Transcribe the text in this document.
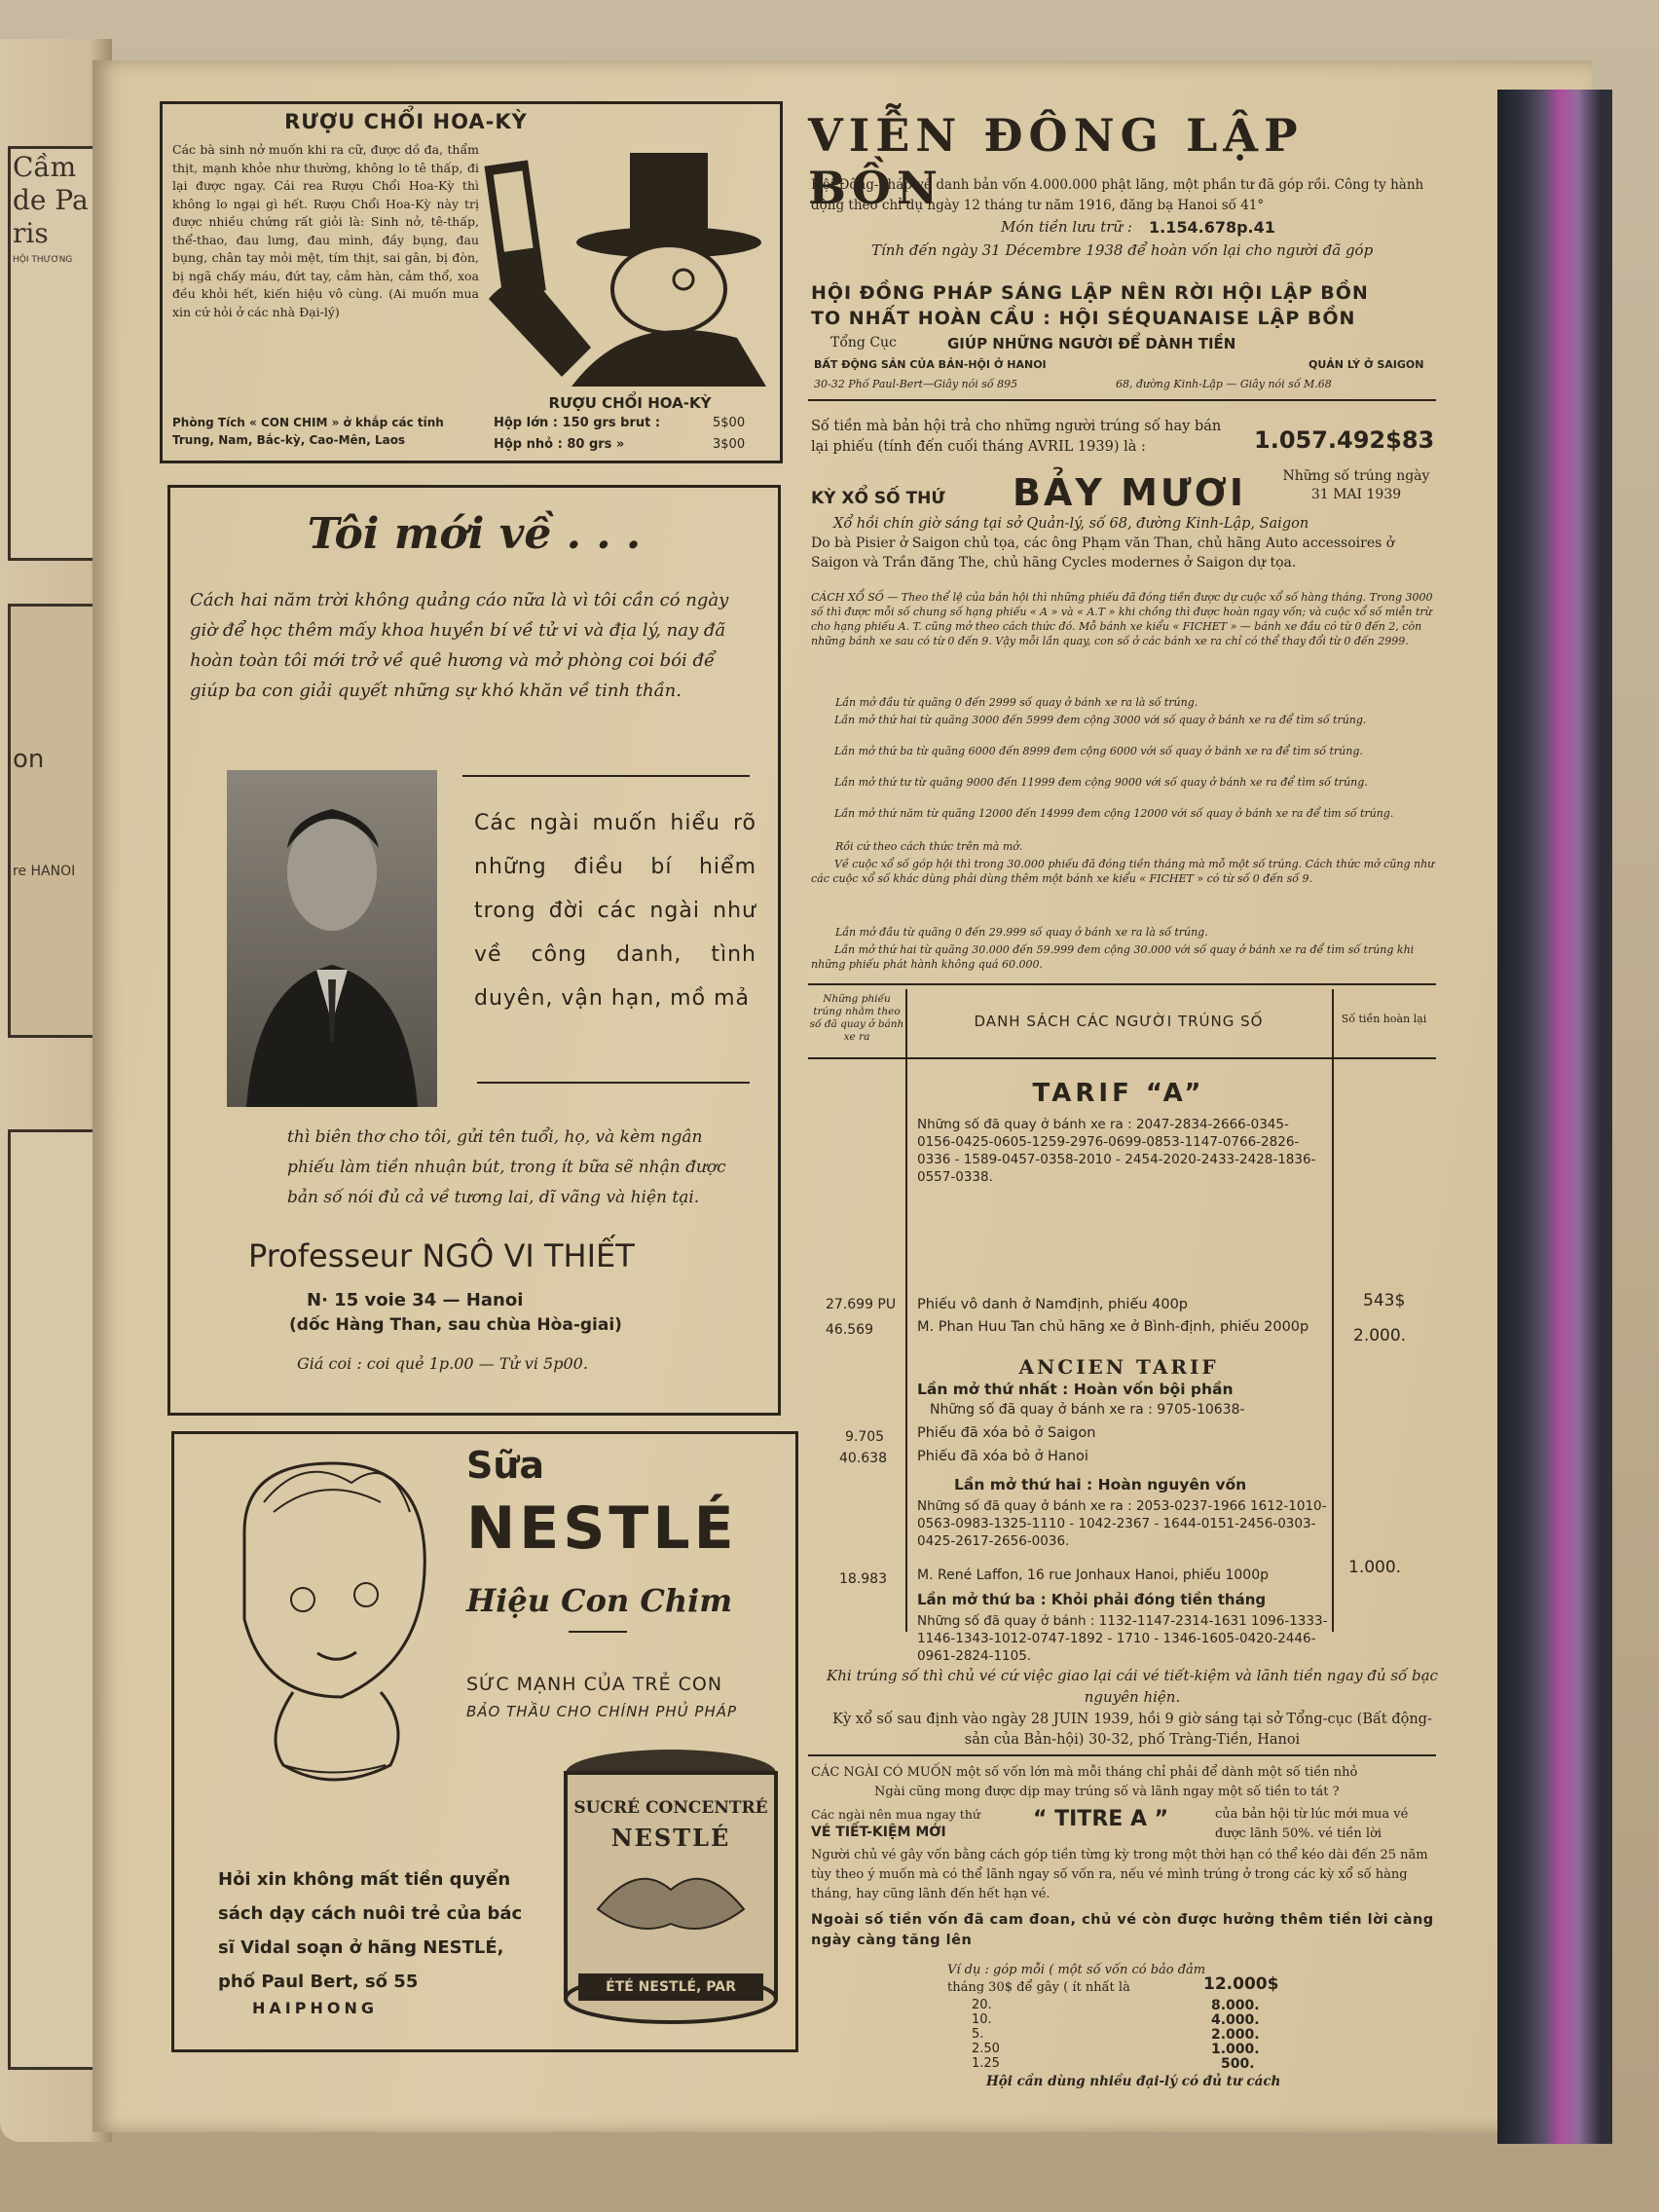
Cầm de Paris
HỘI THƯƠNG
on
re HANOI
RƯỢU CHỔI HOA-KỲ

Các bà sinh nở muốn khi ra cữ, được dồ đa, thẩm thịt, mạnh khỏe như thường, không lo tê thấp, đi lại được ngay. Cái rea Rượu Chổi Hoa-Kỳ thì không lo ngại gì hết. Rượu Chổi Hoa-Kỳ này trị được nhiều chứng rất giỏi là: Sinh nở, tê-thấp, thể-thao, đau lưng, đau mình, đầy bụng, đau bụng, chân tay mỏi mệt, tím thịt, sai gân, bị đòn, bị ngã chấy máu, đứt tay, cảm hàn, cảm thổ, xoa đều khỏi hết, kiến hiệu vô cùng. (Ai muốn mua xin cứ hỏi ở các nhà Đại-lý)

Phòng Tích « CON CHIM » ở khắp các tỉnh Trung, Nam, Bắc-kỳ, Cao-Mên, Laos

RƯỢU CHỔI HOA-KỲ
Hộp lớn : 150 grs brut :	5$00
Hộp nhỏ : 80 grs »	3$00
Tôi mới về . . .

Cách hai năm trời không quảng cáo nữa là vì tôi cần có ngày giờ để học thêm mấy khoa huyền bí về tử vi và địa lý, nay đã hoàn toàn tôi mới trở về quê hương và mở phòng coi bói để giúp ba con giải quyết những sự khó khăn về tinh thần.

Các ngài muốn hiểu rõ những điều bí hiểm trong đời các ngài như về công danh, tình duyên, vận hạn, mồ mả

thì biên thơ cho tôi, gửi tên tuổi, họ, và kèm ngân phiếu làm tiền nhuận bút, trong ít bữa sẽ nhận được bản số nói đủ cả về tương lai, dĩ vãng và hiện tại.

Professeur NGÔ VI THIẾT
N· 15 voie 34 — Hanoi
(dốc Hàng Than, sau chùa Hòa-giai)
Giá coi : coi quẻ 1p.00 — Tử vi 5p00.
Sữa
NESTLÉ
Hiệu Con Chim
SỨC MẠNH CỦA TRẺ CON
BẢO THẦU CHO CHÍNH PHỦ PHÁP

Hỏi xin không mất tiền quyển sách dạy cách nuôi trẻ của bác sĩ Vidal soạn ở hãng NESTLÉ, phố Paul Bert, số 55

HAIPHONG
SUCRÉ CONCENTRÉ
NESTLÉ
ÉTÉ NESTLÉ, PAR
VIỄN ĐÔNG LẬP BỒN

Hội Đông-Pháp về danh bản vốn 4.000.000 phật lăng, một phần tư đã góp rồi. Công ty hành động theo chỉ dụ ngày 12 tháng tư năm 1916, đăng bạ Hanoi số 41°

Món tiền lưu trữ : 1.154.678p.41
Tính đến ngày 31 Décembre 1938 để hoàn vốn lại cho người đã góp
HỘI ĐỒNG PHÁP SÁNG LẬP NÊN RỜI HỘI LẬP BỒN
TO NHẤT HOÀN CẦU : HỘI SÉQUANAISE LẬP BỒN
Tổng Cục	GIÚP NHỮNG NGƯỜI ĐỂ DÀNH TIỀN
BẤT ĐỘNG SẢN CỦA BẢN-HỘI Ở HANOI	QUẢN LÝ Ở SAIGON
30-32 Phố Paul-Bert—Giây nói số 895	68, đường Kinh-Lập — Giây nói số M.68

Số tiền mà bản hội trả cho những người trúng số hay bán lại phiếu (tính đến cuối tháng AVRIL 1939) là :	1.057.492$83
KỲ XỔ SỐ THỨ BẢY MƯƠI	Những số trúng ngày 31 MAI 1939

Xổ hồi chín giờ sáng tại sở Quản-lý, số 68, đường Kinh-Lập, Saigon

Do bà Pisier ở Saigon chủ tọa, các ông Phạm văn Than, chủ hãng Auto accessoires ở Saigon và Trần đăng The, chủ hãng Cycles modernes ở Saigon dự tọa.

CÁCH XỔ SỐ — Theo thể lệ của bản hội thì những phiếu đã đóng tiền được dự cuộc xổ số hàng tháng. Trong 3000 số thì được mỗi số chung số hạng phiếu « A » và « A.T » khi chồng thì được hoàn ngay vốn; và cuộc xổ số miễn trừ cho hạng phiếu A. T. cũng mở theo cách thức đó. Mỗ bánh xe kiểu « FICHET » — bánh xe đầu có từ 0 đến 2, còn những bánh xe sau có từ 0 đến 9. Vậy mỗi lần quay, con số ở các bánh xe ra chỉ có thể thay đổi từ 0 đến 2999.

Lần mở đầu từ quãng 0 đến 2999 số quay ở bánh xe ra là số trúng.

Lần mở thứ hai từ quãng 3000 đến 5999 đem cộng 3000 với số quay ở bánh xe ra để tìm số trúng.

Lần mở thứ ba từ quãng 6000 đến 8999 đem cộng 6000 với số quay ở bánh xe ra để tìm số trúng.

Lần mở thứ tư từ quãng 9000 đến 11999 đem cộng 9000 với số quay ở bánh xe ra để tìm số trúng.

Lần mở thứ năm từ quãng 12000 đến 14999 đem cộng 12000 với số quay ở bánh xe ra để tìm số trúng.

Rồi cứ theo cách thức trên mà mở.

Về cuộc xổ số góp hội thì trong 30.000 phiếu đã đóng tiền tháng mà mỗ một số trúng. Cách thức mở cũng như các cuộc xổ số khác dùng phải dùng thêm một bánh xe kiểu « FICHET » có từ số 0 đến số 9.

Lần mở đầu từ quãng 0 đến 29.999 số quay ở bánh xe ra là số trúng.

Lần mở thứ hai từ quãng 30.000 đến 59.999 đem cộng 30.000 với số quay ở bánh xe ra để tìm số trúng khi những phiếu phát hành không quá 60.000.

Những phiếu trúng nhằm theo số đã quay ở bánh xe ra

DANH SÁCH CÁC NGƯỜI TRÚNG SỐ	Số tiền hoàn lại
TARIF “A”

Những số đã quay ở bánh xe ra : 2047-2834-2666-0345-0156-0425-0605-1259-2976-0699-0853-1147-0766-2826-0336 - 1589-0457-0358-2010 - 2454-2020-2433-2428-1836-0557-0338.

27.699 PU Phiếu vô danh ở Namđịnh, phiếu 400p	543$
46.569	M. Phan Huu Tan chủ hãng xe ở Bình-định, phiếu 2000p	2.000.
ANCIEN TARIF
Lần mở thứ nhất : Hoàn vốn bội phần
Những số đã quay ở bánh xe ra : 9705-10638-
9.705 Phiếu đã xóa bỏ ở Saigon
40.638 Phiếu đã xóa bỏ ở Hanoi
Lần mở thứ hai : Hoàn nguyên vốn

Những số đã quay ở bánh xe ra : 2053-0237-1966 1612-1010-0563-0983-1325-1110 - 1042-2367 - 1644-0151-2456-0303-0425-2617-2656-0036.

18.983 M. René Laffon, 16 rue Jonhaux Hanoi, phiếu 1000p	1.000.
Lần mở thứ ba : Khỏi phải đóng tiền tháng

Những số đã quay ở bánh : 1132-1147-2314-1631 1096-1333-1146-1343-1012-0747-1892 - 1710 - 1346-1605-0420-2446-0961-2824-1105.

Khi trúng số thì chủ vé cứ việc giao lại cái vé tiết-kiệm và lãnh tiền ngay đủ số bạc nguyên hiện.

Kỳ xổ số sau định vào ngày 28 JUIN 1939, hồi 9 giờ sáng tại sở Tổng-cục (Bất động-sản của Bản-hội) 30-32, phố Tràng-Tiền, Hanoi

CÁC NGÀI CÓ MUỐN một số vốn lớn mà mỗi tháng chỉ phải để dành một số tiền nhỏ

Ngài cũng mong được dịp may trúng số và lãnh ngay một số tiền to tát ?

Các ngài nên mua ngay thứ
VÉ TIẾT-KIỆM MỚI
“ TITRE A ”	của bản hội từ lúc mới mua vé được lãnh 50%. vé tiền lời

Người chủ vé gây vốn bằng cách góp tiền từng kỳ trong một thời hạn có thể kéo dài đến 25 năm tùy theo ý muốn mà có thể lãnh ngay số vốn ra, nếu vé mình trúng ở trong các kỳ xổ số hàng tháng, hay cũng lãnh đến hết hạn vé.

Ngoài số tiền vốn đã cam đoan, chủ vé còn được hưởng thêm tiền lời càng ngày càng tăng lên

Ví dụ : góp mỗi ( một số vốn có bảo đảm
tháng 30$ để gây ( ít nhất là	12.000$
20.	8.000.
10.	4.000.
5.	2.000.
2.50	1.000.
1.25	500.
Hội cần dùng nhiều đại-lý có đủ tư cách
